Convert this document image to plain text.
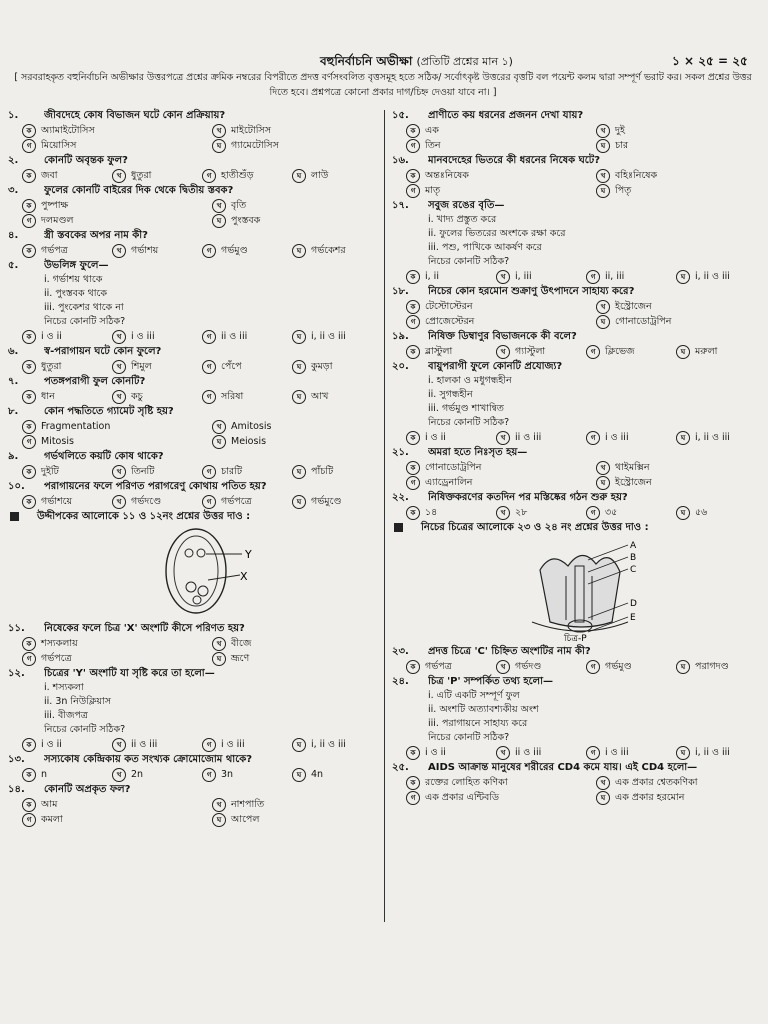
বহুনির্বাচনি অভীক্ষা (প্রতিটি প্রশ্নের মান ১)	১ × ২৫ = ২৫
[ সরবরাহকৃত বহুনির্বাচনি অভীক্ষার উত্তরপত্রে প্রশ্নের ক্রমিক নম্বরের বিপরীতে প্রদত্ত বর্ণসংবলিত বৃত্তসমূহ হতে সঠিক/ সর্বোৎকৃষ্ট উত্তরের বৃত্তটি বল পয়েন্ট কলম দ্বারা সম্পূর্ণ ভরাট কর। সকল প্রশ্নের উত্তর দিতে হবে। প্রশ্নপত্রে কোনো প্রকার দাগ/চিহ্ন দেওয়া যাবে না। ]
১.	জীবদেহে কোষ বিভাজন ঘটে কোন প্রক্রিয়ায়?
ক	অ্যামাইটোসিস	খ	মাইটোসিস
গ	মিয়োসিস	ঘ	গ্যামেটোসিস
২.	কোনটি অবৃন্তক ফুল?
ক	জবা	খ	ধুতুরা	গ	হাতীশুঁড়	ঘ	লাউ
৩.	ফুলের কোনটি বাইরের দিক থেকে দ্বিতীয় স্তবক?
ক	পুষ্পাক্ষ	খ	বৃতি
গ	দলমণ্ডল	ঘ	পুংস্তবক
৪.	স্ত্রী স্তবকের অপর নাম কী?
ক	গর্ভপত্র	খ	গর্ভাশয়	গ	গর্ভমুণ্ড	ঘ	গর্ভকেশর
৫.	উভলিঙ্গ ফুলে—
i. গর্ভাশয় থাকে
ii. পুংস্তবক থাকে
iii. পুংকেশর থাকে না
নিচের কোনটি সঠিক?
ক	i ও ii	খ	i ও iii	গ	ii ও iii	ঘ	i, ii ও iii
৬.	স্ব-পরাগায়ন ঘটে কোন ফুলে?
ক	ধুতুরা	খ	শিমুল	গ	পেঁপে	ঘ	কুমড়া
৭.	পতঙ্গপরাগী ফুল কোনটি?
ক	ধান	খ	কচু	গ	সরিষা	ঘ	আখ
৮.	কোন পদ্ধতিতে গ্যামেট সৃষ্টি হয়?
ক	Fragmentation	খ	Amitosis
গ	Mitosis	ঘ	Meiosis
৯.	গর্ভথলিতে কয়টি কোষ থাকে?
ক	দুইটি	খ	তিনটি	গ	চারটি	ঘ	পাঁচটি
১০.	পরাগায়নের ফলে পরিণত পরাগরেণু কোথায় পতিত হয়?
ক	গর্ভাশয়ে	খ	গর্ভদণ্ডে	গ	গর্ভপত্রে	ঘ	গর্ভমুণ্ডে
উদ্দীপকের আলোকে ১১ ও ১২নং প্রশ্নের উত্তর দাও :
Y
X
১১.	নিষেকের ফলে চিত্র 'X' অংশটি কীসে পরিণত হয়?
ক	শস্যকলায়	খ	বীজে
গ	গর্ভপত্রে	ঘ	ভ্রূণে
১২.	চিত্রের 'Y' অংশটি যা সৃষ্টি করে তা হলো—
i. শস্যকলা
ii. 3n নিউক্লিয়াস
iii. বীজপত্র
নিচের কোনটি সঠিক?
ক	i ও ii	খ	ii ও iii	গ	i ও iii	ঘ	i, ii ও iii
১৩.	সস্যকোষ কেন্দ্রিকায় কত সংখ্যক ক্রোমোজোম থাকে?
ক	n	খ	2n	গ	3n	ঘ	4n
১৪.	কোনটি অপ্রকৃত ফল?
ক	আম	খ	নাশপাতি
গ	কমলা	ঘ	আপেল
১৫.	প্রাণীতে কয় ধরনের প্রজনন দেখা যায়?
ক	এক	খ	দুই
গ	তিন	ঘ	চার
১৬.	মানবদেহের ভিতরে কী ধরনের নিষেক ঘটে?
ক	অন্তঃনিষেক	খ	বহিঃনিষেক
গ	মাতৃ	ঘ	পিতৃ
১৭.	সবুজ রঙের বৃতি—
i. খাদ্য প্রস্তুত করে
ii. ফুলের ভিতরের অংশকে রক্ষা করে
iii. পশু, পাখিকে আকর্ষণ করে
নিচের কোনটি সঠিক?
ক	i, ii	খ	i, iii	গ	ii, iii	ঘ	i, ii ও iii
১৮.	নিচের কোন হরমোন শুক্রাণু উৎপাদনে সাহায্য করে?
ক	টেস্টোস্টেরন	খ	ইস্ট্রোজেন
গ	প্রোজেস্টেরন	ঘ	গোনাডোট্রপিন
১৯.	নিষিক্ত ডিম্বাণুর বিভাজনকে কী বলে?
ক	ব্লাস্টুলা	খ	গ্যাস্টুলা	গ	ক্লিভেজ	ঘ	মরুলা
২০.	বায়ুপরাগী ফুলে কোনটি প্রযোজ্য?
i. হালকা ও মধুগন্ধহীন
ii. সুগন্ধহীন
iii. গর্ভমুণ্ড শাখান্বিত
নিচের কোনটি সঠিক?
ক	i ও ii	খ	ii ও iii	গ	i ও iii	ঘ	i, ii ও iii
২১.	অমরা হতে নিঃসৃত হয়—
ক	গোনাডোট্রপিন	খ	থাইমক্সিন
গ	এ্যাড্রেনালিন	ঘ	ইস্ট্রোজেন
২২.	নিষিক্তকরণের কতদিন পর মস্তিষ্কের গঠন শুরু হয়?
ক	১৪	খ	২৮	গ	৩৫	ঘ	৫৬
নিচের চিত্রের আলোকে ২৩ ও ২৪ নং প্রশ্নের উত্তর দাও :
A
B
C
D
E
চিত্র-P
২৩.	প্রদত্ত চিত্রে 'C' চিহ্নিত অংশটির নাম কী?
ক	গর্ভপত্র	খ	গর্ভদণ্ড	গ	গর্ভমুণ্ড	ঘ	পরাগদণ্ড
২৪.	চিত্র 'P' সম্পর্কিত তথ্য হলো—
i. এটি একটি সম্পূর্ণ ফুল
ii. অংশটি অত্যাবশ্যকীয় অংশ
iii. পরাগায়নে সাহায্য করে
নিচের কোনটি সঠিক?
ক	i ও ii	খ	ii ও iii	গ	i ও iii	ঘ	i, ii ও iii
২৫.	AIDS আক্রান্ত মানুষের শরীরের CD4 কমে যায়। এই CD4 হলো—
ক	রক্তের লোহিত কণিকা	খ	এক প্রকার শ্বেতকণিকা
গ	এক প্রকার এন্টিবডি	ঘ	এক প্রকার হরমোন
